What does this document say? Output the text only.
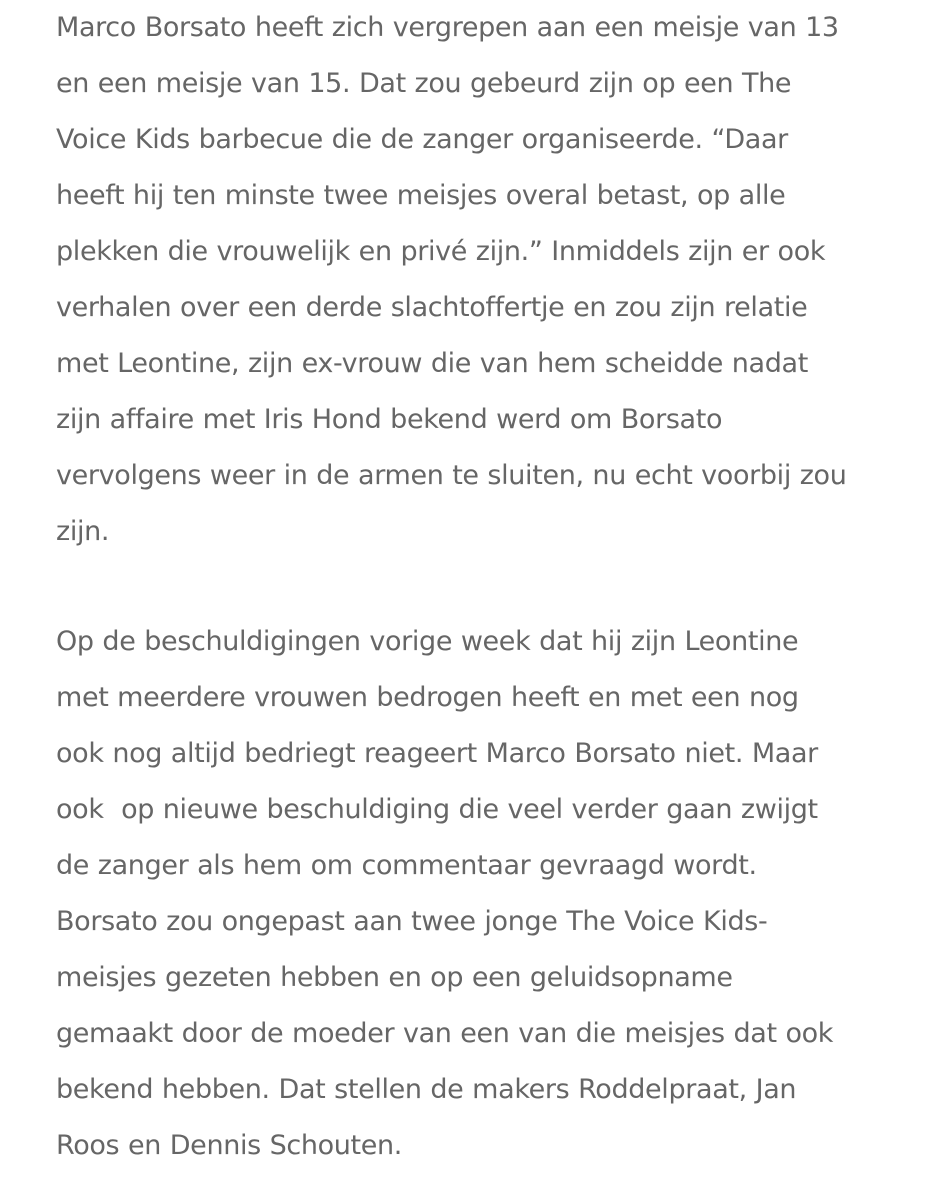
Marco Borsato heeft zich vergrepen aan een meisje van 13
en een meisje van 15. Dat zou gebeurd zijn op een The
Voice Kids barbecue die de zanger organiseerde. “Daar
heeft hij ten minste twee meisjes overal betast, op alle
plekken die vrouwelijk en privé zijn.” Inmiddels zijn er ook
verhalen over een derde slachtoffertje en zou zijn relatie
met Leontine, zijn ex-vrouw die van hem scheidde nadat
zijn affaire met Iris Hond bekend werd om Borsato
vervolgens weer in de armen te sluiten, nu echt voorbij zou
zijn.
Op de beschuldigingen vorige week dat hij zijn Leontine
met meerdere vrouwen bedrogen heeft en met een nog
ook nog altijd bedriegt reageert Marco Borsato niet. Maar
ook  op nieuwe beschuldiging die veel verder gaan zwijgt
de zanger als hem om commentaar gevraagd wordt.
Borsato zou ongepast aan twee jonge The Voice Kids-
meisjes gezeten hebben en op een geluidsopname
gemaakt door de moeder van een van die meisjes dat ook
bekend hebben. Dat stellen de makers Roddelpraat, Jan
Roos en Dennis Schouten.
